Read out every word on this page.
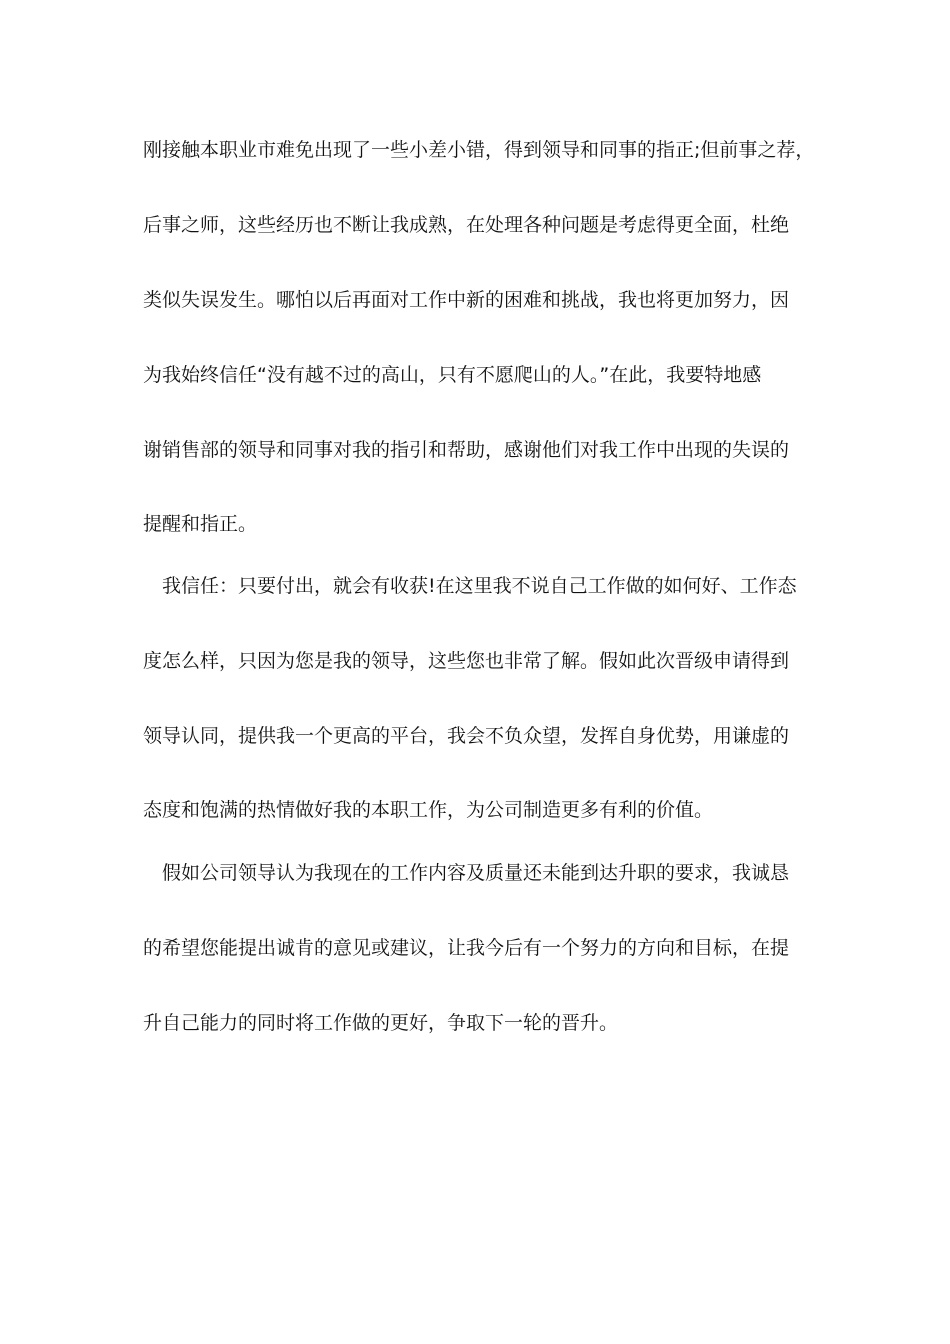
刚接触本职业市难免出现了一些小差小错，得到领导和同事的指正;但前事之荐，
后事之师，这些经历也不断让我成熟，在处理各种问题是考虑得更全面，杜绝
类似失误发生。哪怕以后再面对工作中新的困难和挑战，我也将更加努力，因
为我始终信任“没有越不过的高山，只有不愿爬山的人。”在此，我要特地感
谢销售部的领导和同事对我的指引和帮助，感谢他们对我工作中出现的失误的
提醒和指正。
我信任：只要付出，就会有收获!在这里我不说自己工作做的如何好、工作态
度怎么样，只因为您是我的领导，这些您也非常了解。假如此次晋级申请得到
领导认同，提供我一个更高的平台，我会不负众望，发挥自身优势，用谦虚的
态度和饱满的热情做好我的本职工作，为公司制造更多有利的价值。
假如公司领导认为我现在的工作内容及质量还未能到达升职的要求，我诚恳
的希望您能提出诚肯的意见或建议，让我今后有一个努力的方向和目标，在提
升自己能力的同时将工作做的更好，争取下一轮的晋升。
